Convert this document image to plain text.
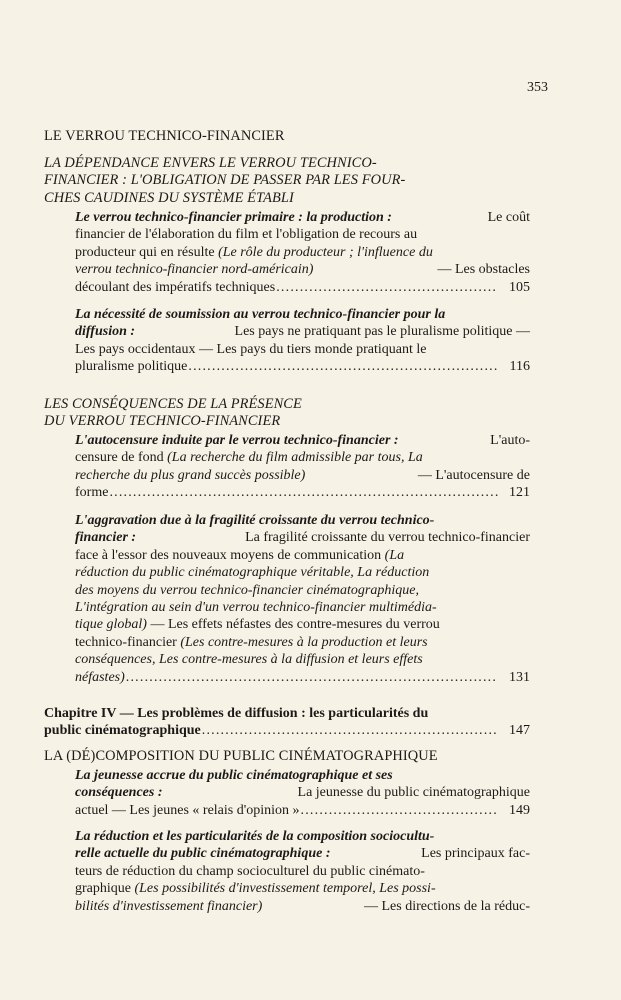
353
LE VERROU TECHNICO-FINANCIER
LA DÉPENDANCE ENVERS LE VERROU TECHNICO-
FINANCIER : L'OBLIGATION DE PASSER PAR LES FOUR-
CHES CAUDINES DU SYSTÈME ÉTABLI
Le verrou technico-financier primaire : la production :	Le coût
financier de l'élaboration du film et l'obligation de recours au
producteur qui en résulte (Le rôle du producteur ; l'influence du
verrou technico-financier nord-américain)	— Les obstacles
découlant des impératifs techniques .....	105
La nécessité de soumission au verrou technico-financier pour la
diffusion :	Les pays ne pratiquant pas le pluralisme politique —
Les pays occidentaux — Les pays du tiers monde pratiquant le
pluralisme politique .....	116
LES CONSÉQUENCES DE LA PRÉSENCE
DU VERROU TECHNICO-FINANCIER
L'autocensure induite par le verrou technico-financier :	L'auto-
censure de fond (La recherche du film admissible par tous, La
recherche du plus grand succès possible)	— L'autocensure de
forme .....	121
L'aggravation due à la fragilité croissante du verrou technico-
financier :	La fragilité croissante du verrou technico-financier
face à l'essor des nouveaux moyens de communication (La
réduction du public cinématographique véritable, La réduction
des moyens du verrou technico-financier cinématographique,
L'intégration au sein d'un verrou technico-financier multimédia-
tique global) — Les effets néfastes des contre-mesures du verrou
technico-financier (Les contre-mesures à la production et leurs
conséquences, Les contre-mesures à la diffusion et leurs effets
néfastes) .....	131
Chapitre IV — Les problèmes de diffusion : les particularités du
public cinématographique .....	147
LA (DÉ)COMPOSITION DU PUBLIC CINÉMATOGRAPHIQUE
La jeunesse accrue du public cinématographique et ses
conséquences :	La jeunesse du public cinématographique
actuel — Les jeunes « relais d'opinion » .....	149
La réduction et les particularités de la composition sociocultu-
relle actuelle du public cinématographique :	Les principaux fac-
teurs de réduction du champ socioculturel du public cinémato-
graphique (Les possibilités d'investissement temporel, Les possi-
bilités d'investissement financier)	— Les directions de la réduc-
